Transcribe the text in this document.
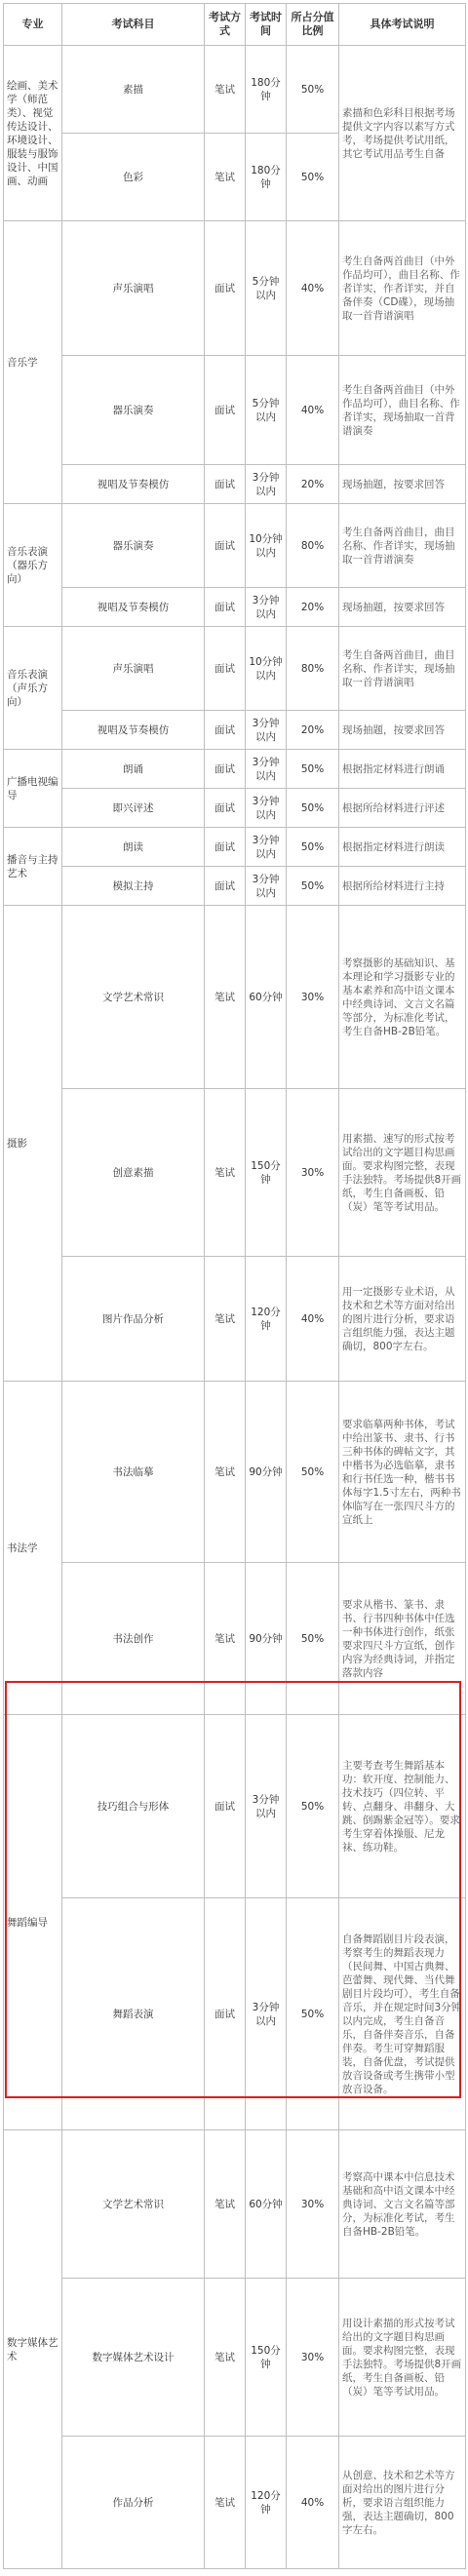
专业	考试科目	考试方式	考试时间	所占分值比例	具体考试说明
绘画、美术学（师范类）、视觉传达设计、环境设计、服装与服饰设计、中国画、动画	素描	笔试	180分钟	50%	素描和色彩科目根据考场提供文字内容以素写方式考，考场提供考试用纸，其它考试用品考生自备
	色彩	笔试	180分钟	50%	
音乐学	声乐演唱	面试	5分钟以内	40%	考生自备两首曲目（中外作品均可），曲目名称、作者详实，作者详实，并自备伴奏（CD碟），现场抽取一首背谱演唱
	器乐演奏	面试	5分钟以内	40%	考生自备两首曲目（中外作品均可），曲目名称、作者详实，现场抽取一首背谱演奏
	视唱及节奏模仿	面试	3分钟以内	20%	现场抽题，按要求回答
音乐表演（器乐方向）	器乐演奏	面试	10分钟以内	80%	考生自备两首曲目，曲目名称、作者详实，现场抽取一首背谱演奏
	视唱及节奏模仿	面试	3分钟以内	20%	现场抽题，按要求回答
音乐表演（声乐方向）	声乐演唱	面试	10分钟以内	80%	考生自备两首曲目，曲目名称、作者详实，现场抽取一首背谱演唱
	视唱及节奏模仿	面试	3分钟以内	20%	现场抽题，按要求回答
广播电视编导	朗诵	面试	3分钟以内	50%	根据指定材料进行朗诵
	即兴评述	面试	3分钟以内	50%	根据所给材料进行评述
播音与主持艺术	朗读	面试	3分钟以内	50%	根据指定材料进行朗读
	模拟主持	面试	3分钟以内	50%	根据所给材料进行主持
摄影	文学艺术常识	笔试	60分钟	30%	考察摄影的基础知识、基本理论和学习摄影专业的基本素养和高中语文课本中经典诗词、文言文名篇等部分，为标准化考试，考生自备HB-2B铅笔。
	创意素描	笔试	150分钟	30%	用素描、速写的形式按考试给出的文字题目构思画面。要求构图完整，表现手法独特。考场提供8开画纸，考生自备画板、铅（炭）笔等考试用品。
	图片作品分析	笔试	120分钟	40%	用一定摄影专业术语，从技术和艺术等方面对给出的图片进行分析，要求语言组织能力强，表达主题确切，800字左右。
书法学	书法临摹	笔试	90分钟	50%	要求临摹两种书体，考试中给出篆书、隶书、行书三种书体的碑帖文字，其中楷书为必选临摹，隶书和行书任选一种，楷书书体每字1.5寸左右，两种书体临写在一张四尺斗方的宣纸上
	书法创作	笔试	90分钟	50%	要求从楷书、篆书、隶书、行书四种书体中任选一种书体进行创作，纸张要求四尺斗方宣纸，创作内容为经典诗词，并指定落款内容
舞蹈编导	技巧组合与形体	面试	3分钟以内	50%	主要考查考生舞蹈基本功：软开度、控制能力、技术技巧（四位转、平转、点翻身、串翻身、大跳、倒踢紫金冠等）。要求考生穿着体操服、尼龙袜、练功鞋。
	舞蹈表演	面试	3分钟以内	50%	自备舞蹈剧目片段表演，考察考生的舞蹈表现力（民间舞、中国古典舞、芭蕾舞、现代舞、当代舞剧目片段均可），考生自备音乐，并在规定时间3分钟以内完成，考生自备音乐，自备伴奏音乐，自备伴奏。考生可穿舞蹈服装，自备优盘，考试提供放音设备或考生携带小型放音设备。
数字媒体艺术	文学艺术常识	笔试	60分钟	30%	考察高中课本中信息技术基础和高中语文课本中经典诗词、文言文名篇等部分，为标准化考试，考生自备HB-2B铅笔。
	数字媒体艺术设计	笔试	150分钟	30%	用设计素描的形式按考试给出的文字题目构思画面。要求构图完整，表现手法独特。考场提供8开画纸，考生自备画板、铅（炭）笔等考试用品。
	作品分析	笔试	120分钟	40%	从创意、技术和艺术等方面对给出的图片进行分析，要求语言组织能力强，表达主题确切，800字左右。
